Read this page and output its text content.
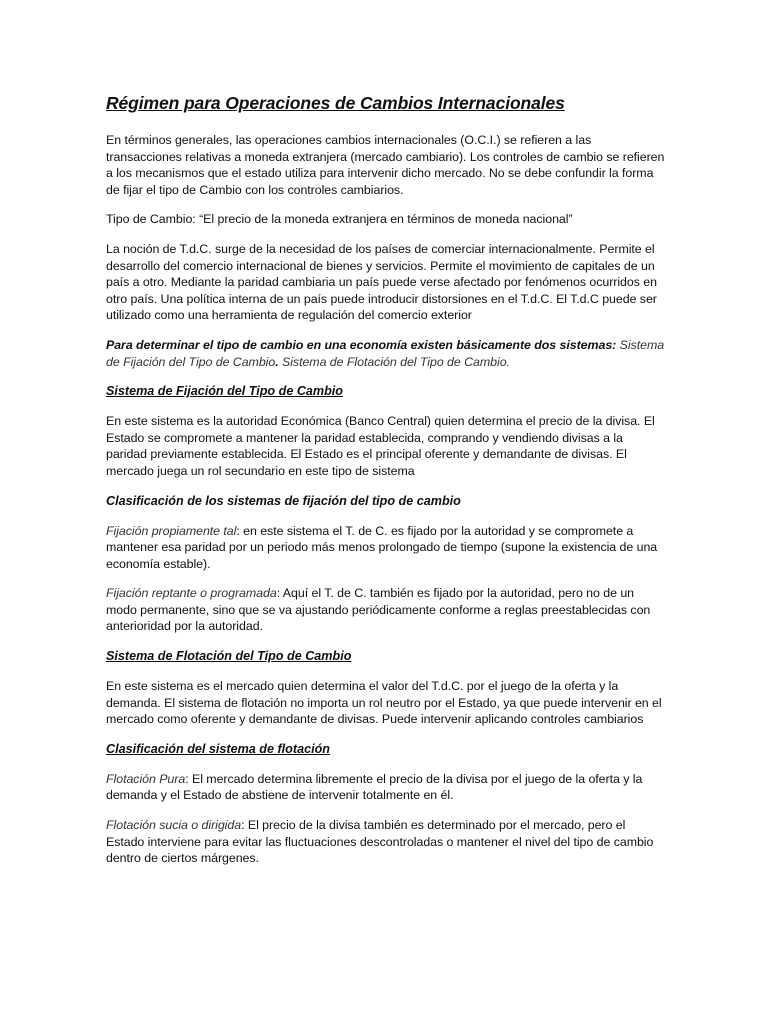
Régimen para Operaciones de Cambios Internacionales

En términos generales, las operaciones cambios internacionales (O.C.I.) se refieren a las transacciones relativas a moneda extranjera (mercado cambiario). Los controles de cambio se refieren a los mecanismos que el estado utiliza para intervenir dicho mercado. No se debe confundir la forma de fijar el tipo de Cambio con los controles cambiarios.

Tipo de Cambio: “El precio de la moneda extranjera en términos de moneda nacional”

La noción de T.d.C. surge de la necesidad de los países de comerciar internacionalmente. Permite el desarrollo del comercio internacional de bienes y servicios. Permite el movimiento de capitales de un país a otro. Mediante la paridad cambiaria un país puede verse afectado por fenómenos ocurridos en otro país. Una política interna de un país puede introducir distorsiones en el T.d.C. El T.d.C puede ser utilizado como una herramienta de regulación del comercio exterior

Para determinar el tipo de cambio en una economía existen básicamente dos sistemas: Sistema de Fijación del Tipo de Cambio. Sistema de Flotación del Tipo de Cambio.

Sistema de Fijación del Tipo de Cambio

En este sistema es la autoridad Económica (Banco Central) quien determina el precio de la divisa. El Estado se compromete a mantener la paridad establecida, comprando y vendiendo divisas a la paridad previamente establecida. El Estado es el principal oferente y demandante de divisas. El mercado juega un rol secundario en este tipo de sistema

Clasificación de los sistemas de fijación del tipo de cambio

Fijación propiamente tal: en este sistema el T. de C. es fijado por la autoridad y se compromete a mantener esa paridad por un periodo más menos prolongado de tiempo (supone la existencia de una economía estable).

Fijación reptante o programada: Aquí el T. de C. también es fijado por la autoridad, pero no de un modo permanente, sino que se va ajustando periódicamente conforme a reglas preestablecidas con anterioridad por la autoridad.

Sistema de Flotación del Tipo de Cambio

En este sistema es el mercado quien determina el valor del T.d.C. por el juego de la oferta y la demanda. El sistema de flotación no importa un rol neutro por el Estado, ya que puede intervenir en el mercado como oferente y demandante de divisas. Puede intervenir aplicando controles cambiarios

Clasificación del sistema de flotación

Flotación Pura: El mercado determina libremente el precio de la divisa por el juego de la oferta y la demanda y el Estado de abstiene de intervenir totalmente en él.

Flotación sucia o dirigida: El precio de la divisa también es determinado por el mercado, pero el Estado interviene para evitar las fluctuaciones descontroladas o mantener el nivel del tipo de cambio dentro de ciertos márgenes.
